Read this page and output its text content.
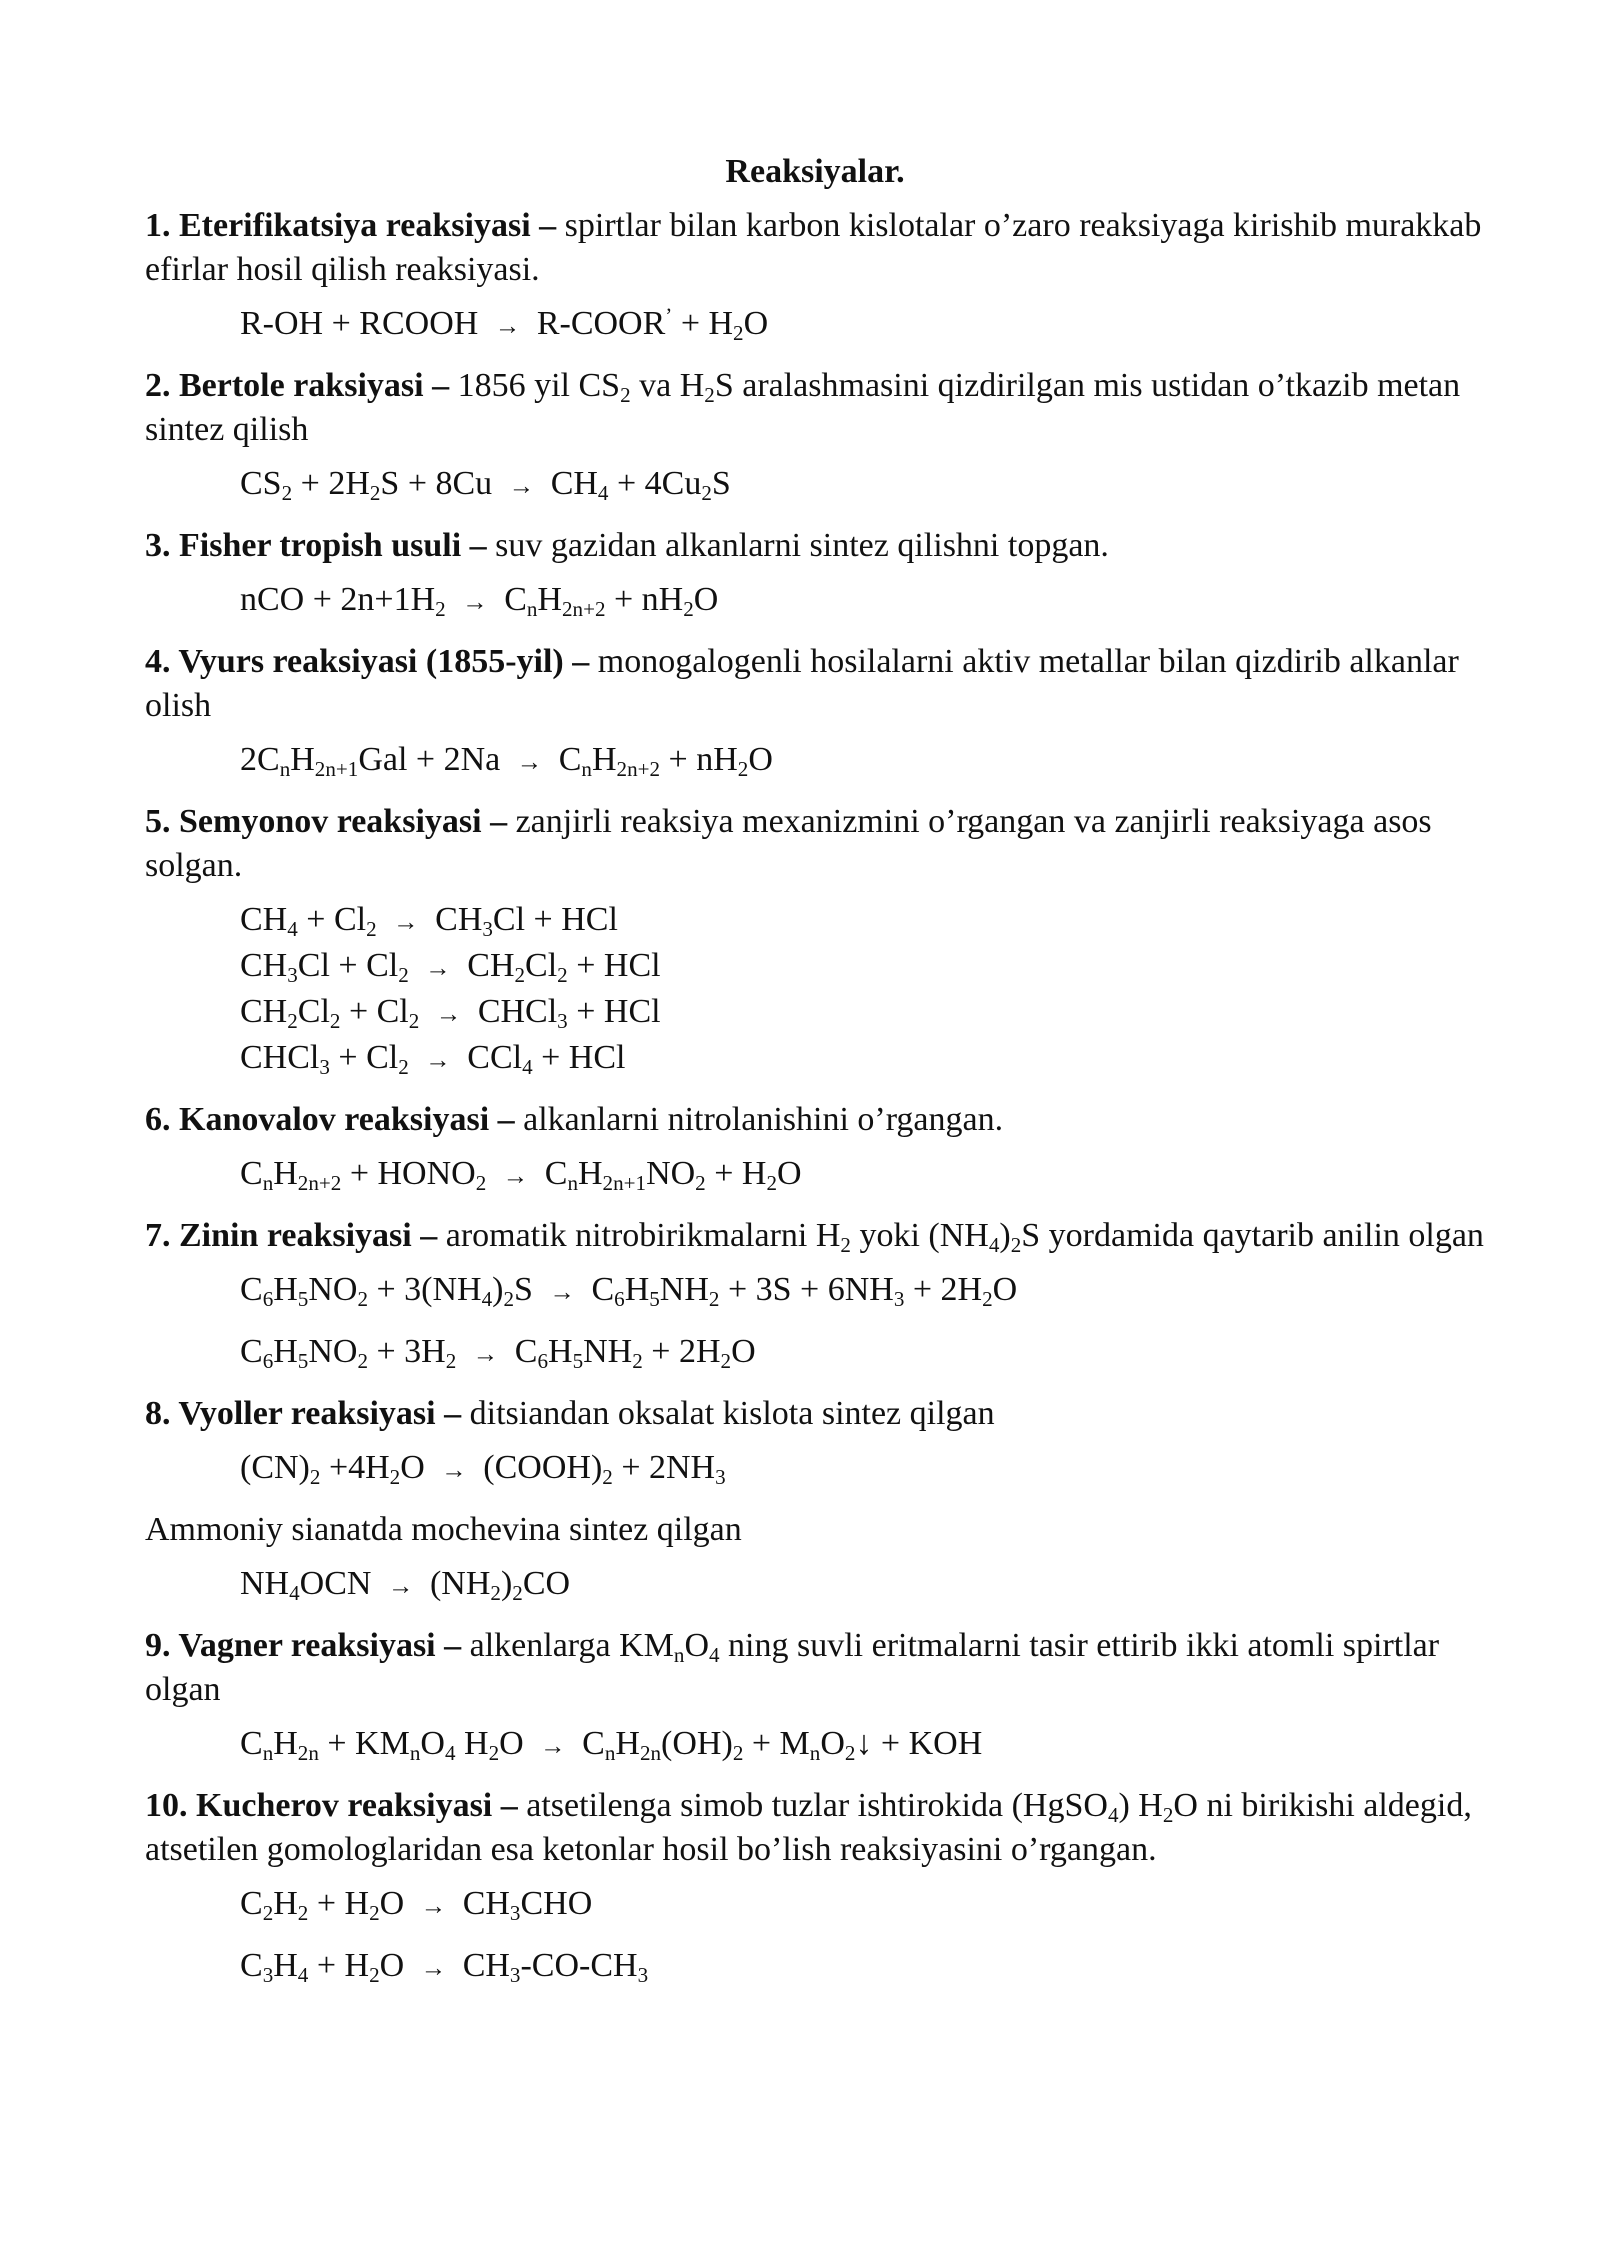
Reaksiyalar.
1. Eterifikatsiya reaksiyasi – spirtlar bilan karbon kislotalar o’zaro reaksiyaga kirishib murakkab efirlar hosil qilish reaksiyasi.
R-OH + RCOOH → R-COOR’ + $H_2O$
2. Bertole raksiyasi – 1856 yil $CS_2$ va $H_2S$ aralashmasini qizdirilgan mis ustidan o’tkazib metan sintez qilish
$CS_2 + 2H_2S + 8Cu \to CH_4 + 4Cu_2S$
3. Fisher tropish usuli – suv gazidan alkanlarni sintez qilishni topgan.
nCO + $2n+1H_2 \to C_nH_{2n+2} + nH_2O$
4. Vyurs reaksiyasi (1855-yil) – monogalogenli hosilalarni aktiv metallar bilan qizdirib alkanlar olish
$2C_nH_{2n+1}Gal + 2Na \to C_nH_{2n+2} + nH_2O$
5. Semyonov reaksiyasi – zanjirli reaksiya mexanizmini o’rgangan va zanjirli reaksiyaga asos solgan.
$CH_4 + Cl_2 \to CH_3Cl$ + HCl
$CH_3Cl + Cl_2 \to CH_2Cl_2$ + HCl
$CH_2Cl_2 + Cl_2$ → CHCl$_3$ + HCl
CHCl$_3$ + $Cl_2 \to CCl_4$ + HCl
6. Kanovalov reaksiyasi – alkanlarni nitrolanishini o’rgangan.
$C_nH_{2n+2}$ + $HONO_2 \to C_nH_{2n+1}NO_2 + H_2O$
7. Zinin reaksiyasi – aromatik nitrobirikmalarni $H_2$ yoki $(NH_4)_2S$ yordamida qaytarib anilin olgan
$C_6H_5NO_2 + 3(NH_4)_2S \to C_6H_5NH_2 + 3S + 6NH_3 + 2H_2O$
$C_6H_5NO_2 + 3H_2 \to C_6H_5NH_2 + 2H_2O$
8. Vyoller reaksiyasi – ditsiandan oksalat kislota sintez qilgan
$(CN)_2 +4H_2O$ → $(COOH)_2 + 2NH_3$
Ammoniy sianatda mochevina sintez qilgan
$NH_4OCN \to (NH_2)_2CO$
9. Vagner reaksiyasi – alkenlarga $KM_nO_4$ ning suvli eritmalarni tasir ettirib ikki atomli spirtlar olgan
$C_nH_{2n} + KM_nO_4$ $H_2O \to C_nH_{2n}(OH)_2$ + $M_nO_2↓$ + KOH
10. Kucherov reaksiyasi – atsetilenga simob tuzlar ishtirokida (HgSO$_4$) $H_2O$ ni birikishi aldegid, atsetilen gomologlaridan esa ketonlar hosil bo’lish reaksiyasini o’rgangan.
$C_2H_2 + H_2O \to CH_3CHO$
$C_3H_4 + H_2O \to CH_3-CO-CH_3$
